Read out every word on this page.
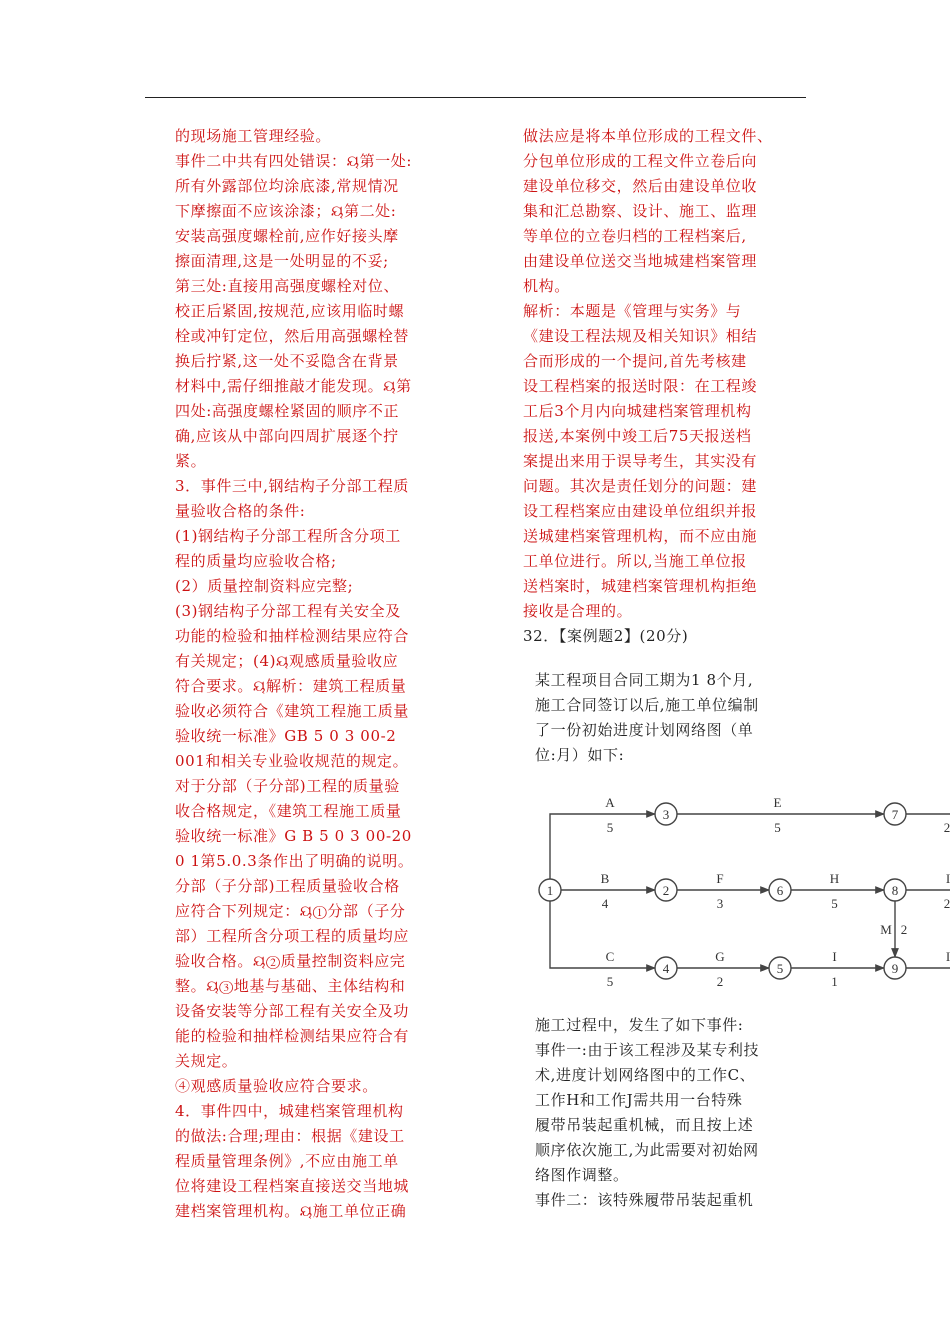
的现场施工管理经验。
事件二中共有四处错误：ୟ第一处:
所有外露部位均涂底漆,常规情况
下摩擦面不应该涂漆；ୟ第二处:
安装高强度螺栓前,应作好接头摩
擦面清理,这是一处明显的不妥;
第三处:直接用高强度螺栓对位、
校正后紧固,按规范,应该用临时螺
栓或冲钉定位，然后用高强螺栓替
换后拧紧,这一处不妥隐含在背景
材料中,需仔细推敲才能发现。ୟ第
四处:高强度螺栓紧固的顺序不正
确,应该从中部向四周扩展逐个拧
紧。
3．事件三中,钢结构子分部工程质
量验收合格的条件:
(1)钢结构子分部工程所含分项工
程的质量均应验收合格;
(2）质量控制资料应完整;
(3)钢结构子分部工程有关安全及
功能的检验和抽样检测结果应符合
有关规定；(4)ୟ观感质量验收应
符合要求。ୟ解析：建筑工程质量
验收必须符合《建筑工程施工质量
验收统一标准》GB 5 0 3 00-2
001和相关专业验收规范的规定。
对于分部（子分部)工程的质量验
收合格规定，《建筑工程施工质量
验收统一标准》G B 5 0 3 00-20
0 1第5.0.3条作出了明确的说明。
分部（子分部)工程质量验收合格
应符合下列规定：ୟ①分部（子分
部）工程所含分项工程的质量均应
验收合格。ୟ②质量控制资料应完
整。ୟ③地基与基础、主体结构和
设备安装等分部工程有关安全及功
能的检验和抽样检测结果应符合有
关规定。
④观感质量验收应符合要求。
4．事件四中，城建档案管理机构
的做法:合理;理由：根据《建设工
程质量管理条例》,不应由施工单
位将建设工程档案直接送交当地城
建档案管理机构。ୟ施工单位正确
做法应是将本单位形成的工程文件、
分包单位形成的工程文件立卷后向
建设单位移交，然后由建设单位收
集和汇总勘察、设计、施工、监理
等单位的立卷归档的工程档案后,
由建设单位送交当地城建档案管理
机构。
解析：本题是《管理与实务》与
《建设工程法规及相关知识》相结
合而形成的一个提问,首先考核建
设工程档案的报送时限：在工程竣
工后3个月内向城建档案管理机构
报送,本案例中竣工后75天报送档
案提出来用于误导考生，其实没有
问题。其次是责任划分的问题：建
设工程档案应由建设单位组织并报
送城建档案管理机构，而不应由施
工单位进行。所以,当施工单位报
送档案时，城建档案管理机构拒绝
接收是合理的。
32．【案例题2】(20分)
某工程项目合同工期为1 8个月,
施工合同签订以后,施工单位编制
了一份初始进度计划网络图（单
位:月）如下:
1	2
3
4	5
6
7
8
9
A
5
E
5
B
4
F
3
H
5
C
5
G
2
I
1
M 2
2
I
2
I
施工过程中，发生了如下事件:
事件一:由于该工程涉及某专利技
术,进度计划网络图中的工作C、
工作H和工作J需共用一台特殊
履带吊装起重机械，而且按上述
顺序依次施工,为此需要对初始网
络图作调整。
事件二：该特殊履带吊装起重机
